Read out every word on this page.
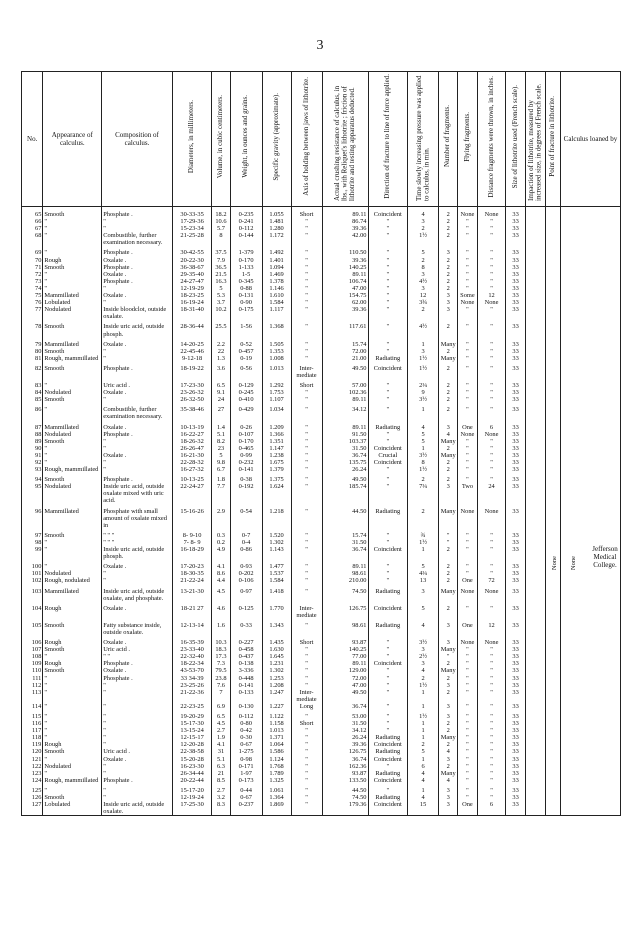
3
No.	Appearance of calculus.	Composition of calculus.	Diameters, in millimeters.	Volume, in cubic centimeters.	Weight, in ounces and grains.	Specific gravity (approximate).	Axis of holding between jaws of lithotrite.	Actual crushing resistance of calculus, in lbs., with Reliquet's lithotrite ; friction of lithotrite and testing apparatus deducted.	Direction of fracture to line of force applied.	Time slowly increasing pressure was applied to calculus, in min.	Number of fragments.	Flying fragments.	Distance fragments were thrown, in inches.	Size of lithotrite used (French scale).	Impaction of lithotrite, measured by increased size, in degrees of French scale.	Point of fracture in lithotrite.	Calculus loaned by
65	Smooth	Phosphate .	30-33-35	18.2	0-235	1.055	Short	89.11	Coincident	4	2	None	None	33			
66	"	"	17-29-36	10.6	0-241	1.481	"	86.74	"	3	2	"	"	33			
67	"	"	15-23-34	5.7	0-112	1.280	"	39.36	"	2	2	"	"	33			
68	"	Combustible, further examination necessary.	21-25-28	8	0-144	1.172	"	42.00	"	1½	2	"	"	33			
69	"	Phosphate .	30-42-55	37.5	1-379	1.492	"	110.50	"	5	3	"	"	33			
70	Rough	Oxalate .	20-22-30	7.9	0-170	1.401	"	39.36	"	2	2	"	"	33			
71	Smooth	Phosphate .	36-38-67	36.5	1-133	1.094	"	140.25	"	8	2	"	"	33			
72	"	Oxalate .	29-35-40	21.5	1-5	1.469	"	89.11	"	3	2	"	"	33			
73	"	Phosphate .	24-27-47	16.3	0-345	1.378	"	106.74	"	4½	2	"	"	33			
74	"	"	12-19-29	5	0-88	1.146	"	47.00	"	3	2	"	"	33			
75	Mammillated	Oxalate .	18-23-25	5.3	0-131	1.610	"	154.75	"	12	3	Some	12	33			
76	Lobulated	"	16-19-24	3.7	0-90	1.584	"	62.00	"	3¾	3	None	None	33			
77	Nodulated	Inside bloodclot, outside oxalate.	18-31-40	10.2	0-175	1.117	"	39.36	"	2	3	"	"	33			
78	Smooth	Inside uric acid, outside phosph.	28-36-44	25.5	1-56	1.368	"	117.61	"	4½	2	"	"	33			
79	Mammillated	Oxalate .	14-20-25	2.2	0-52	1.505	"	15.74	"	1	Many	"	"	33			
80	Smooth	"	22-45-46	22	0-457	1.353	"	72.00	"	3	2	"	"	33			
81	Rough, mammillated	"	9-12-18	1.3	0-19	1.008	"	21.00	Radiating	1½	Many	"	"	33			
82	Smooth	Phosphate .	18-19-22	3.6	0-56	1.013	Inter-mediate	49.50	Coincident	1½	2	"	"	33			
83	"	Uric acid .	17-23-30	6.5	0-129	1.292	Short	57.00	"	2¼	2	"	"	33			
84	Nodulated	Oxalate .	23-26-32	9.1	0-245	1.753	"	102.36	"	9	2	"	"	33			
85	Smooth	"	26-32-50	24	0-410	1.107	"	89.11	"	3½	2	"	"	33			
86	"	Combustible, further examination necessary.	35-38-46	27	0-429	1.034	"	34.12	"	1	2	"	"	33			
87	Mammillated	Oxalate .	10-13-19	1.4	0-26	1.209	"	89.11	Radiating	4	3	One	6	33			
88	Nodulated	Phosphate .	16-22-27	5.1	0-107	1.366	"	91.50	"	5	4	None	None	33			
89	Smooth	"	18-26-32	8.2	0-170	1.351	"	103.37	"	5	Many	"	"	33			
90	"	"	26-26-47	23	0-465	1.147	"	31.50	Coincident	1	2	"	"	33			
91	"	Oxalate .	16-21-30	5	0-99	1.238	"	36.74	Crucial	3½	Many	"	"	33			
92	"	"	22-28-32	9.8	0-232	1.675	"	135.75	Coincident	8	2	"	"	33			
93	Rough, mammillated	"	16-27-32	6.7	0-141	1.379	"	26.24	"	1½	2	"	"	33			
94	Smooth	Phosphate .	10-13-25	1.8	0-38	1.375	"	49.50	"	2	2	"	"	33			
95	Nodulated	Inside uric acid, outside oxalate mixed with uric acid.	22-24-27	7.7	0-192	1.624	"	185.74	"	7¼	3	Two	24	33			
96	Mammillated	Phosphate with small amount of oxalate mixed in	15-16-26	2.9	0-54	1.218	"	44.50	Radiating	2	Many	None	None	33			
97	Smooth	" " "	8- 9-10	0.3	0-7	1.520	"	15.74	"	¾	"	"	"	33			
98	"	" " "	7- 8- 9	0.2	0-4	1.302	"	31.50	"	1½	"	"	"	33			
99	"	Inside uric acid, outside phosph.	16-18-29	4.9	0-86	1.143	"	36.74	Coincident	1	2	"	"	33			
100	"	Oxalate .	17-20-23	4.1	0-93	1.477	"	89.11	"	5	2	"	"	33			
101	Nodulated	"	18-30-35	8.6	0-202	1.537	"	98.61	"	4¼	2	"	"	33			
102	Rough, nodulated	"	21-22-24	4.4	0-106	1.584	"	210.00	"	13	2	One	72	33			
103	Mammillated	Inside uric acid, outside oxalate, and phosphate.	13-21-30	4.5	0-97	1.418	"	74.50	Radiating	3	Many	None	None	33			
104	Rough	Oxalate .	18-21 27	4.6	0-125	1.770	Inter-mediate	126.75	Coincident	5	2	"	"	33			
105	Smooth	Fatty substance inside, outside oxalate.	12-13-14	1.6	0-33	1.343	"	98.61	Radiating	4	3	One	12	33			
106	Rough	Oxalate .	16-35-39	10.3	0-227	1.435	Short	93.87	"	3½	3	None	None	33			
107	Smooth	Uric acid .	23-33-40	18.3	0-458	1.630	"	140.25	"	3	Many	"	"	33			
108	"	" "	22-32-40	17.3	0-437	1.645	"	77.00	"	2½	"	"	"	33			
109	Rough	Phosphate .	18-22-34	7.3	0-138	1.231	"	89.11	Coincident	3	2	"	"	33			
110	Smooth	Oxalate .	43-53-70	79.5	3-336	1.302	"	129.00	"	4	Many	"	"	33			
111	"	Phosphate .	33 34-39	23.8	0-448	1.253	"	72.00	"	2	2	"	"	33			
112	"	"	23-25-26	7.6	0-141	1.208	"	47.00	"	1½	3	"	"	33			
113	"	"	21-22-36	7	0-133	1.247	Inter-mediate	49.50	"	1	2	"	"	33			
114	"	"	22-23-25	6.9	0-130	1.227	Long	36.74	"	1	3	"	"	33			
115	"	"	19-20-29	6.5	0-112	1.122	"	53.00	"	1½	3	"	"	33			
116	"	"	15-17-30	4.5	0-80	1.158	Short	31.50	"	1	2	"	"	33			
117	"	"	13-15-24	2.7	0-42	1.013	"	34.12	"	1	2	"	"	33			
118	"	"	12-15-17	1.9	0-30	1.371	"	26.24	Radiating	1	Many	"	"	33			
119	Rough	"	12-20-28	4.1	0-67	1.064	"	39.36	Coincident	2	2	"	"	33			
120	Smooth	Uric acid .	22-38-58	31	1-275	1.586	"	126.75	Radiating	5	4	"	"	33			
121	"	Oxalate .	15-20-28	5.1	0-98	1.124	"	36.74	Coincident	1	3	"	"	33			
122	Nodulated	"	16-23-30	6.3	0-171	1.768	"	162.36	"	6	2	"	"	33			
123	"	"	26-34-44	21	1-97	1.789	"	93.87	Radiating	4	Many	"	"	33			
124	Rough, mammillated	Phosphate .	20-22-44	8.5	0-173	1.325	"	133.50	Coincident	4	4	"	"	33			
125	"	"	15-17-20	2.7	0-44	1.061	"	44.50	"	1	3	"	"	33			
126	Smooth	"	12-19-24	3.2	0-67	1.364	"	74.50	Radiating	4	3	"	"	33			
127	Lobulated	Inside uric acid, outside oxalate.	17-25-30	8.3	0-237	1.869	"	179.36	Coincident	15	3	One	6	33			
None None
Jefferson Medical College.
